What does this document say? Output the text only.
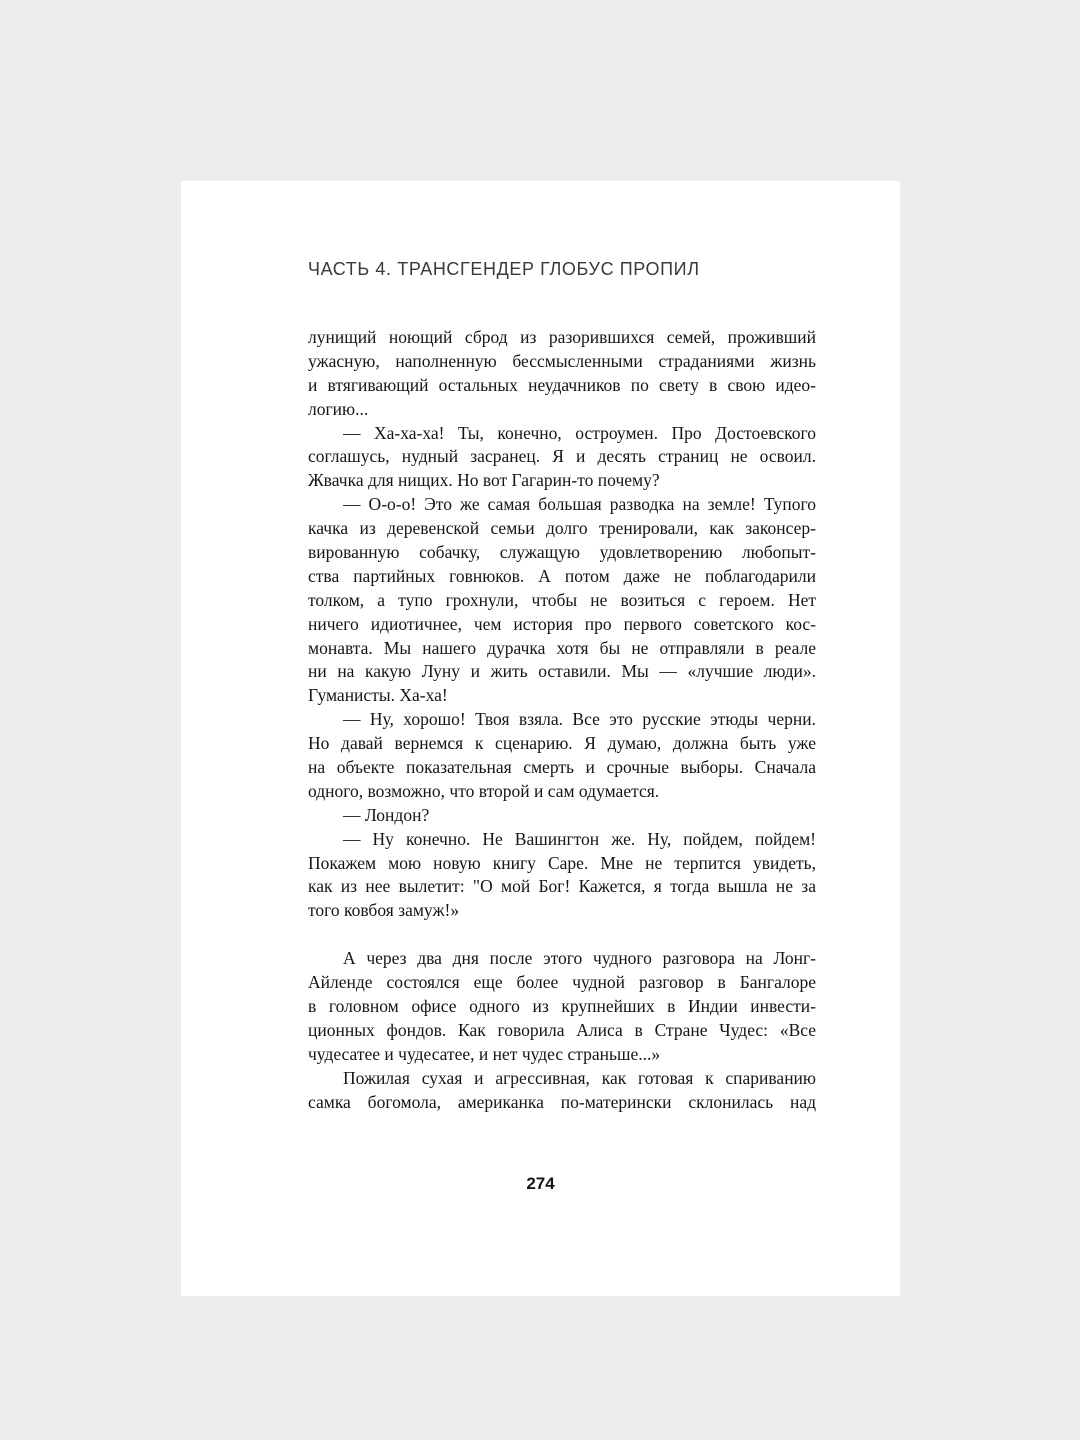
ЧАСТЬ 4. ТРАНСГЕНДЕР ГЛОБУС ПРОПИЛ
лунищий ноющий сброд из разорившихся семей, проживший
ужасную, наполненную бессмысленными страданиями жизнь
и втягивающий остальных неудачников по свету в свою идео-
логию...
— Ха-ха-ха! Ты, конечно, остроумен. Про Достоевского
соглашусь, нудный засранец. Я и десять страниц не освоил.
Жвачка для нищих. Но вот Гагарин-то почему?
— О-о-о! Это же самая большая разводка на земле! Тупого
качка из деревенской семьи долго тренировали, как законсер-
вированную собачку, служащую удовлетворению любопыт-
ства партийных говнюков. А потом даже не поблагодарили
толком, а тупо грохнули, чтобы не возиться с героем. Нет
ничего идиотичнее, чем история про первого советского кос-
монавта. Мы нашего дурачка хотя бы не отправляли в реале
ни на какую Луну и жить оставили. Мы — «лучшие люди».
Гуманисты. Ха-ха!
— Ну, хорошо! Твоя взяла. Все это русские этюды черни.
Но давай вернемся к сценарию. Я думаю, должна быть уже
на объекте показательная смерть и срочные выборы. Сначала
одного, возможно, что второй и сам одумается.
— Лондон?
— Ну конечно. Не Вашингтон же. Ну, пойдем, пойдем!
Покажем мою новую книгу Саре. Мне не терпится увидеть,
как из нее вылетит: "О мой Бог! Кажется, я тогда вышла не за
того ковбоя замуж!»
А через два дня после этого чудного разговора на Лонг-
Айленде состоялся еще более чудной разговор в Бангалоре
в головном офисе одного из крупнейших в Индии инвести-
ционных фондов. Как говорила Алиса в Стране Чудес: «Все
чудесатее и чудесатее, и нет чудес страньше...»
Пожилая сухая и агрессивная, как готовая к спариванию
самка богомола, американка по-матерински склонилась над
274
